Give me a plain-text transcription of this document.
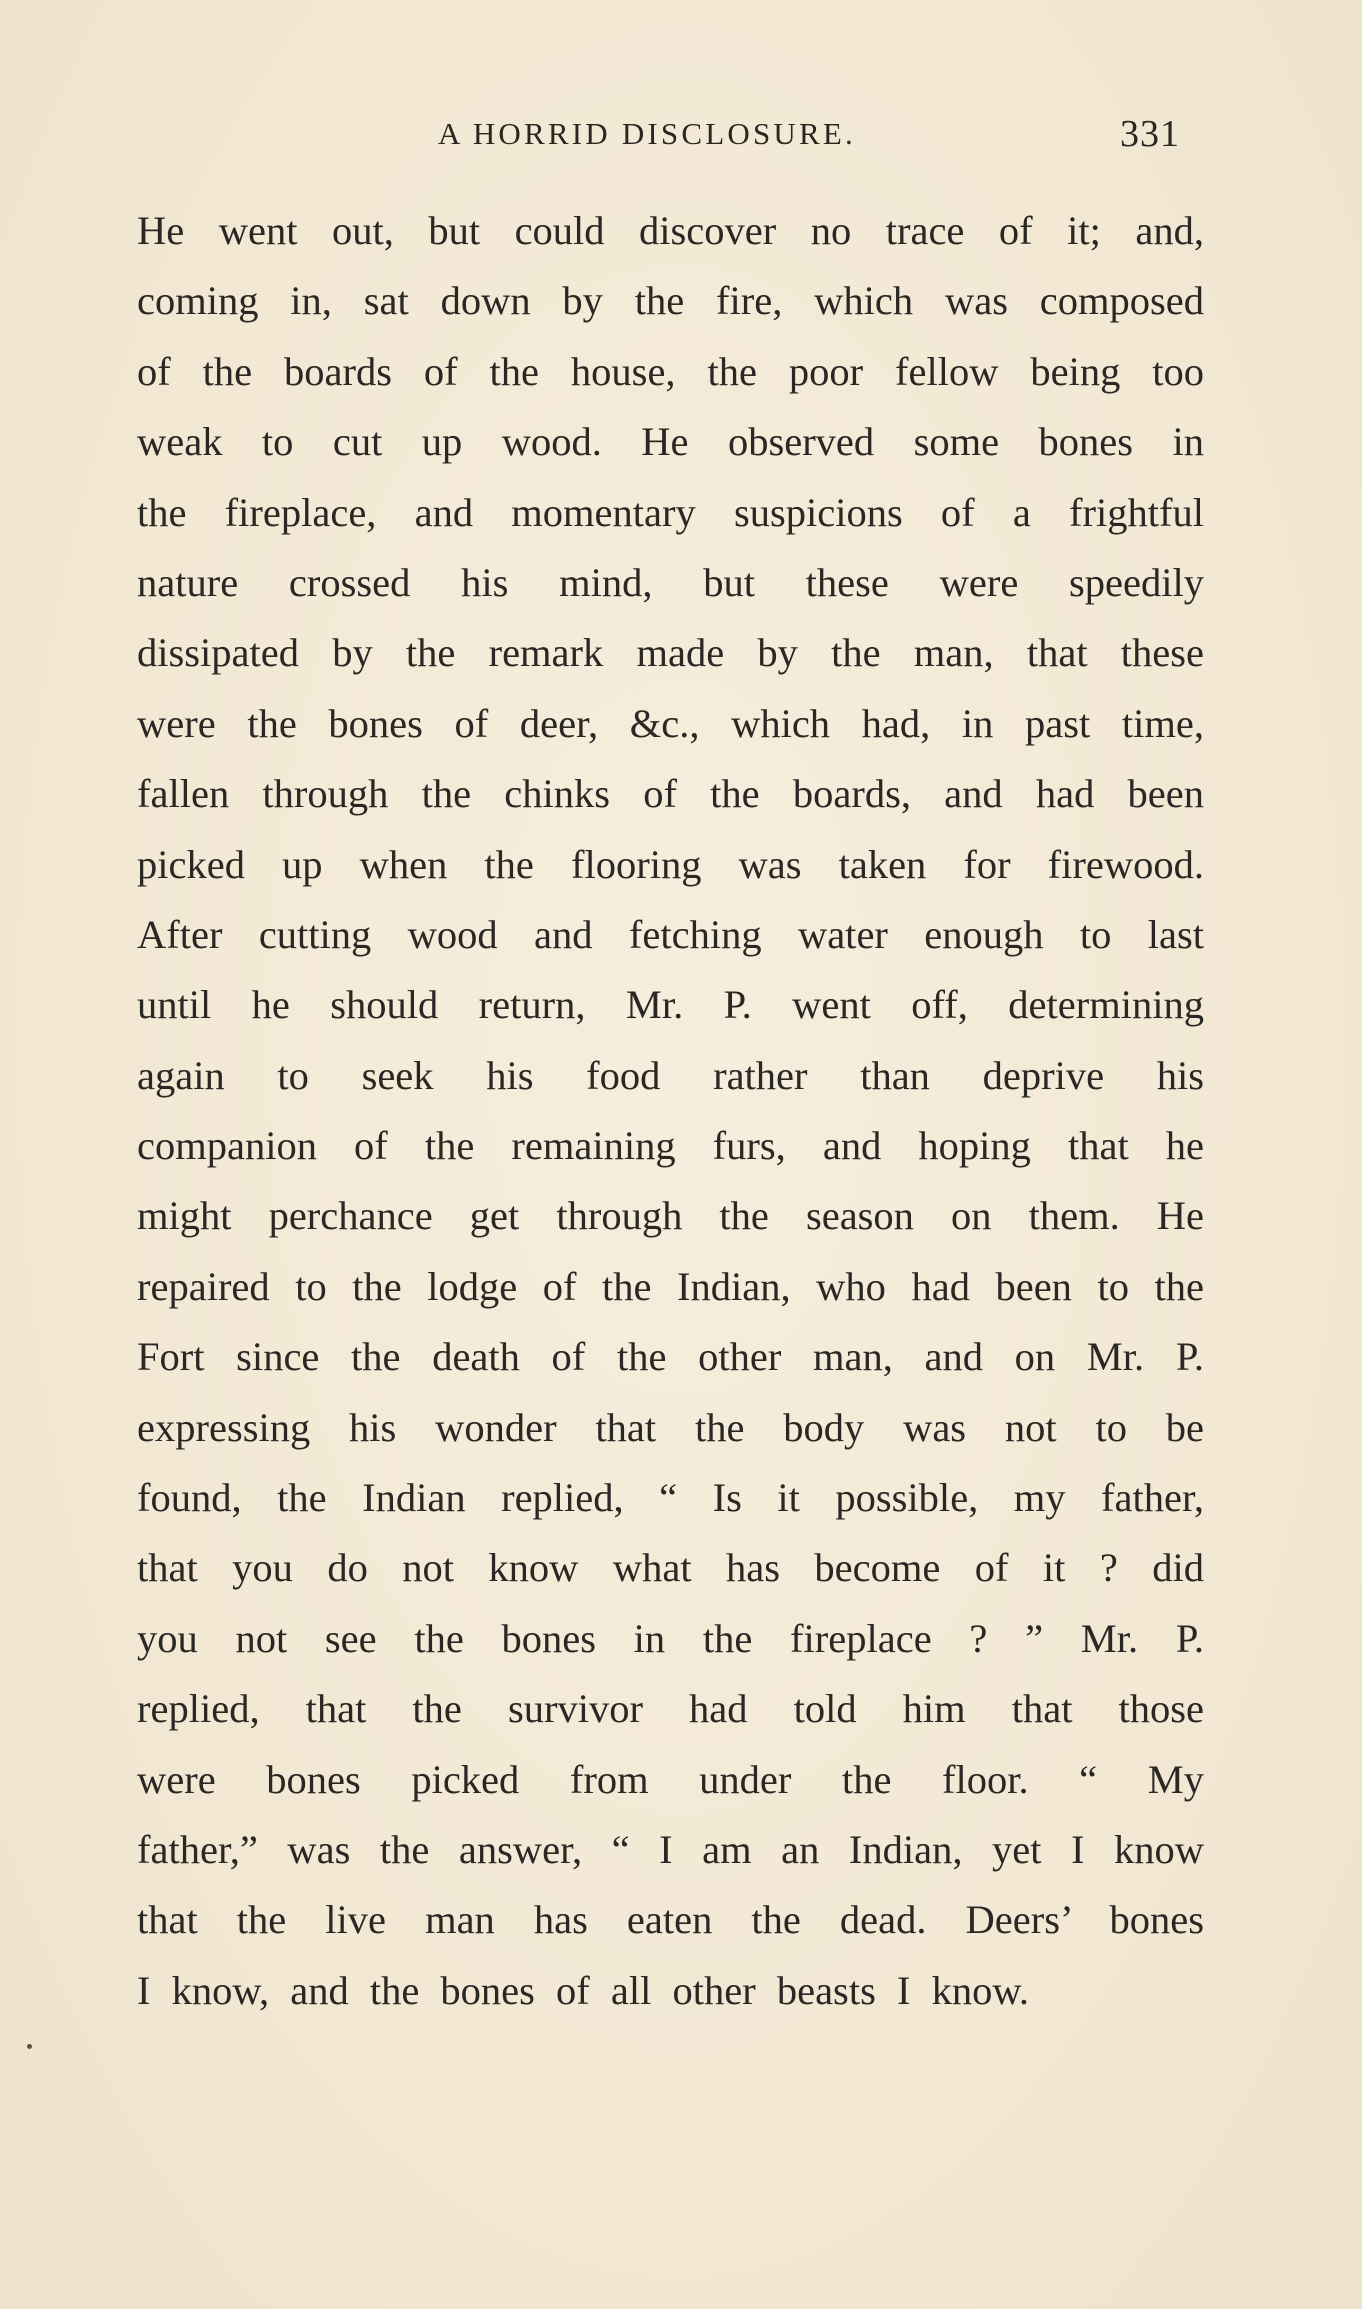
A HORRID DISCLOSURE.	331
He went out, but could discover no trace of it; and,
coming in, sat down by the fire, which was composed
of the boards of the house, the poor fellow being too
weak to cut up wood. He observed some bones in
the fireplace, and momentary suspicions of a frightful
nature crossed his mind, but these were speedily
dissipated by the remark made by the man, that these
were the bones of deer, &c., which had, in past time,
fallen through the chinks of the boards, and had been
picked up when the flooring was taken for firewood.
After cutting wood and fetching water enough to last
until he should return, Mr. P. went off, determining
again to seek his food rather than deprive his
companion of the remaining furs, and hoping that he
might perchance get through the season on them. He
repaired to the lodge of the Indian, who had been to the
Fort since the death of the other man, and on Mr. P.
expressing his wonder that the body was not to be
found, the Indian replied, “ Is it possible, my father,
that you do not know what has become of it ? did
you not see the bones in the fireplace ? ” Mr. P.
replied, that the survivor had told him that those
were bones picked from under the floor. “ My
father,” was the answer, “ I am an Indian, yet I know
that the live man has eaten the dead. Deers’ bones
I know, and the bones of all other beasts I know.
